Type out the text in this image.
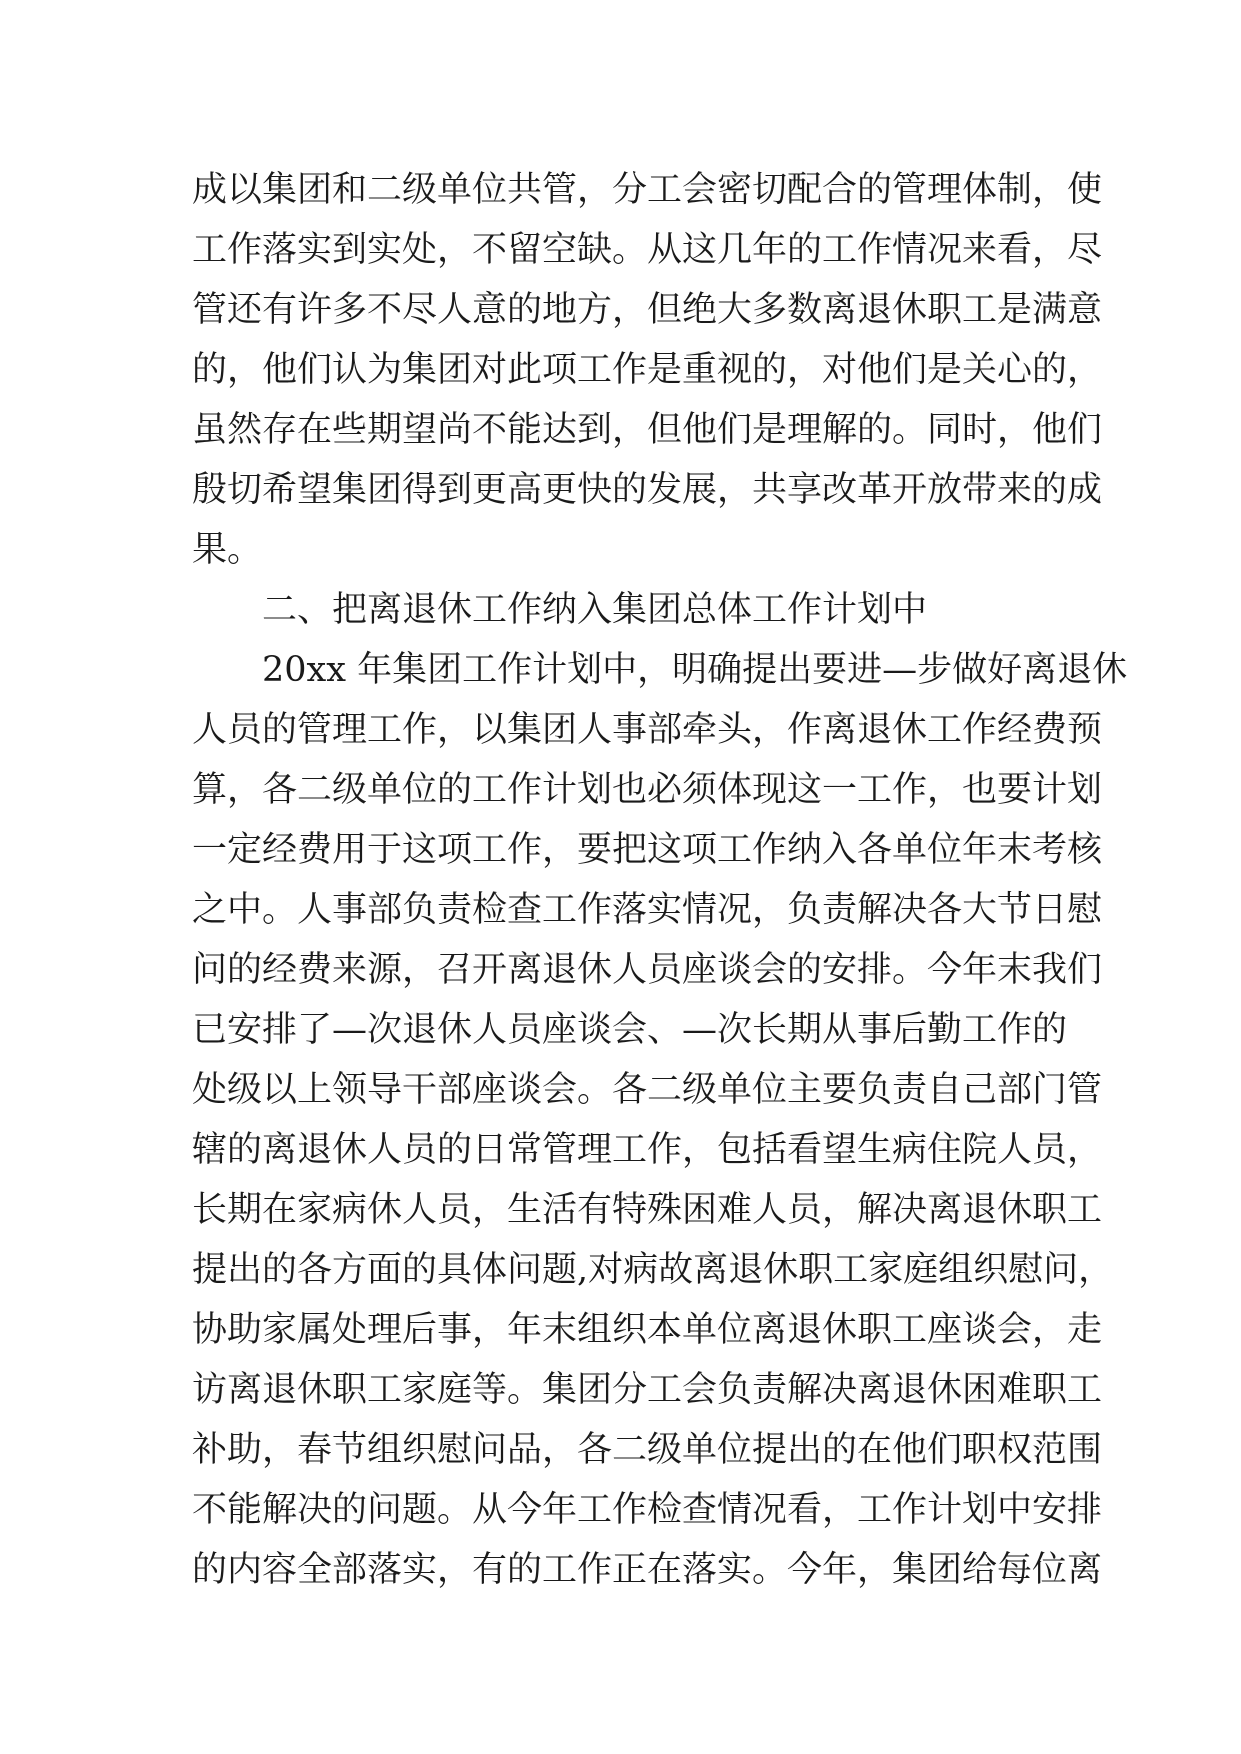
成以集团和二级单位共管，分工会密切配合的管理体制，使
工作落实到实处，不留空缺。从这几年的工作情况来看，尽
管还有许多不尽人意的地方，但绝大多数离退休职工是满意
的，他们认为集团对此项工作是重视的，对他们是关心的，
虽然存在些期望尚不能达到，但他们是理解的。同时，他们
殷切希望集团得到更高更快的发展，共享改革开放带来的成
果。
二、把离退休工作纳入集团总体工作计划中
20xx 年集团工作计划中，明确提出要进—步做好离退休
人员的管理工作，以集团人事部牵头，作离退休工作经费预
算，各二级单位的工作计划也必须体现这一工作，也要计划
一定经费用于这项工作，要把这项工作纳入各单位年末考核
之中。人事部负责检查工作落实情况，负责解决各大节日慰
问的经费来源，召开离退休人员座谈会的安排。今年末我们
已安排了—次退休人员座谈会、—次长期从事后勤工作的
处级以上领导干部座谈会。各二级单位主要负责自己部门管
辖的离退休人员的日常管理工作，包括看望生病住院人员，
长期在家病休人员，生活有特殊困难人员，解决离退休职工
提出的各方面的具体问题,对病故离退休职工家庭组织慰问，
协助家属处理后事，年末组织本单位离退休职工座谈会，走
访离退休职工家庭等。集团分工会负责解决离退休困难职工
补助，春节组织慰问品，各二级单位提出的在他们职权范围
不能解决的问题。从今年工作检查情况看，工作计划中安排
的内容全部落实，有的工作正在落实。今年，集团给每位离
